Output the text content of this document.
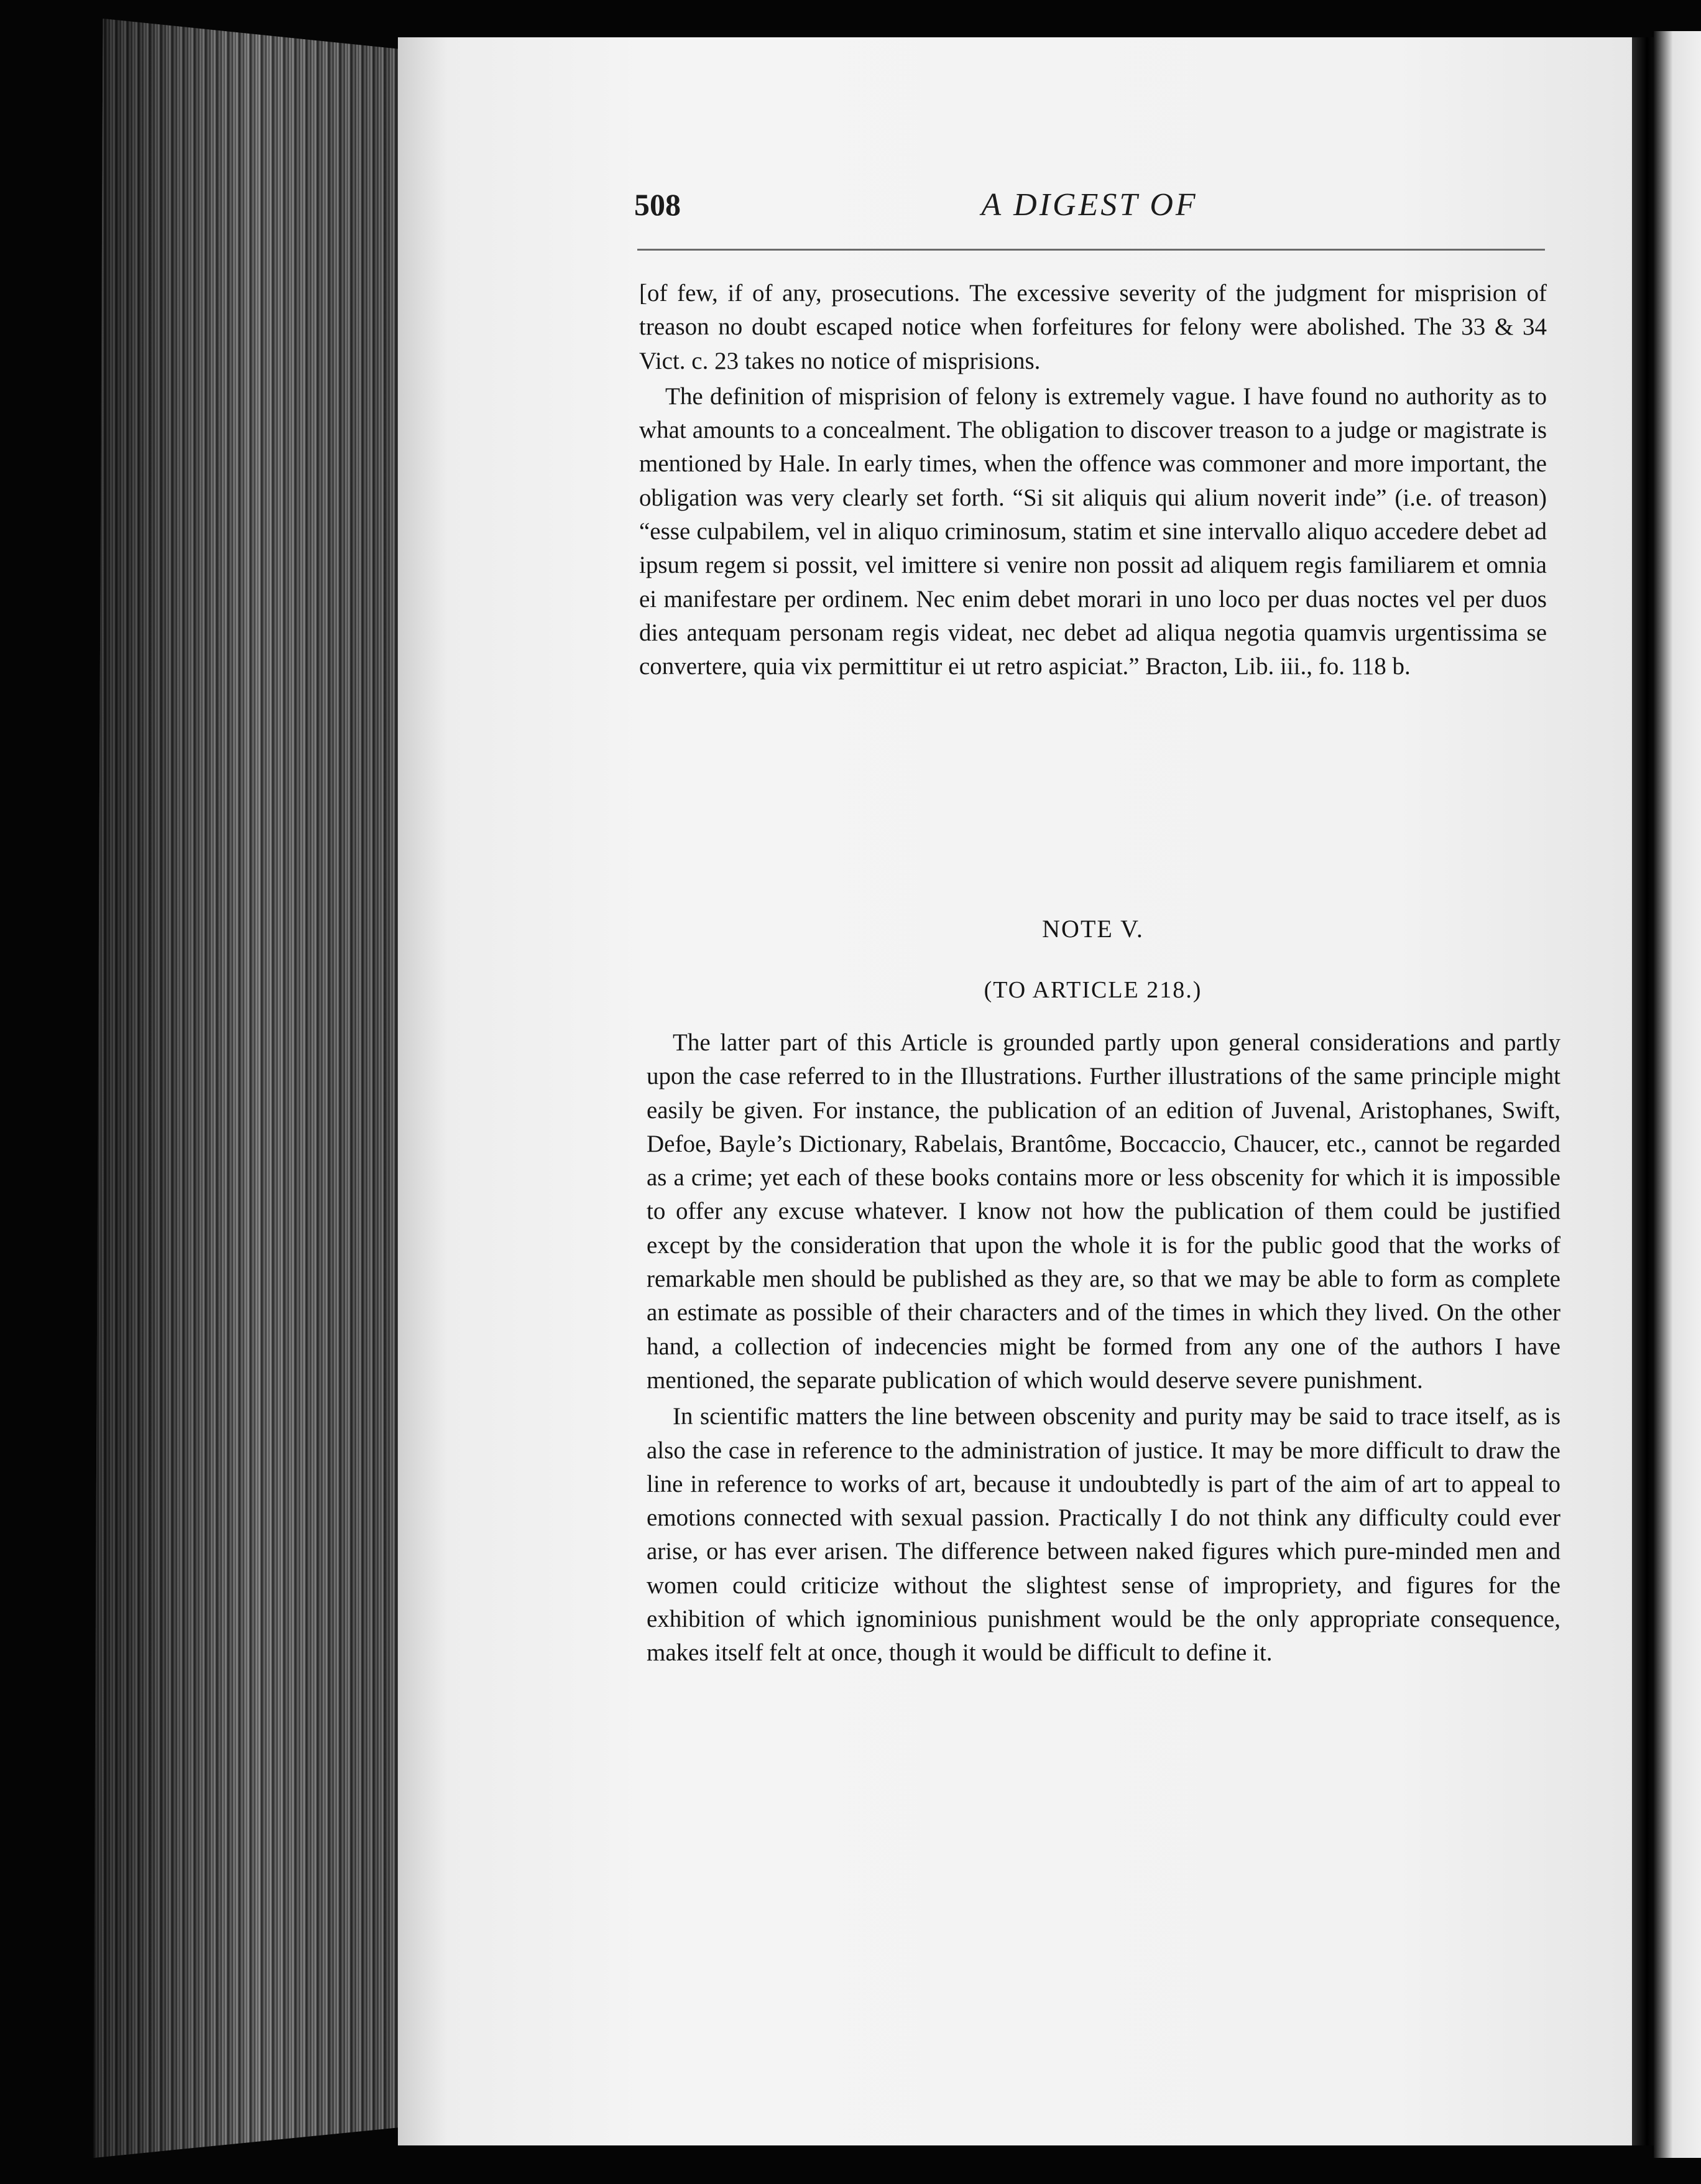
508	A DIGEST OF

[of few, if of any, prosecutions. The excessive severity of the judgment for misprision of treason no doubt escaped notice when forfeitures for felony were abolished. The 33 & 34 Vict. c. 23 takes no notice of misprisions.

The definition of misprision of felony is extremely vague. I have found no authority as to what amounts to a concealment. The obligation to discover treason to a judge or magistrate is mentioned by Hale. In early times, when the offence was commoner and more important, the obligation was very clearly set forth. “Si sit aliquis qui alium noverit inde” (i.e. of treason) “esse culpabilem, vel in aliquo criminosum, statim et sine intervallo aliquo accedere debet ad ipsum regem si possit, vel imittere si venire non possit ad aliquem regis familiarem et omnia ei manifestare per ordinem. Nec enim debet morari in uno loco per duas noctes vel per duos dies antequam personam regis videat, nec debet ad aliqua negotia quamvis urgentissima se convertere, quia vix permittitur ei ut retro aspiciat.” Bracton, Lib. iii., fo. 118 b.

NOTE V.
(TO ARTICLE 218.)

The latter part of this Article is grounded partly upon general considerations and partly upon the case referred to in the Illustrations. Further illustrations of the same principle might easily be given. For instance, the publication of an edition of Juvenal, Aristophanes, Swift, Defoe, Bayle’s Dictionary, Rabelais, Brantôme, Boccaccio, Chaucer, etc., cannot be regarded as a crime; yet each of these books contains more or less obscenity for which it is impossible to offer any excuse whatever. I know not how the publication of them could be justified except by the consideration that upon the whole it is for the public good that the works of remarkable men should be published as they are, so that we may be able to form as complete an estimate as possible of their characters and of the times in which they lived. On the other hand, a collection of indecencies might be formed from any one of the authors I have mentioned, the separate publication of which would deserve severe punishment.

In scientific matters the line between obscenity and purity may be said to trace itself, as is also the case in reference to the administration of justice. It may be more difficult to draw the line in reference to works of art, because it undoubtedly is part of the aim of art to appeal to emotions connected with sexual passion. Practically I do not think any difficulty could ever arise, or has ever arisen. The difference between naked figures which pure-minded men and women could criticize without the slightest sense of impropriety, and figures for the exhibition of which ignominious punishment would be the only appropriate consequence, makes itself felt at once, though it would be difficult to define it.
